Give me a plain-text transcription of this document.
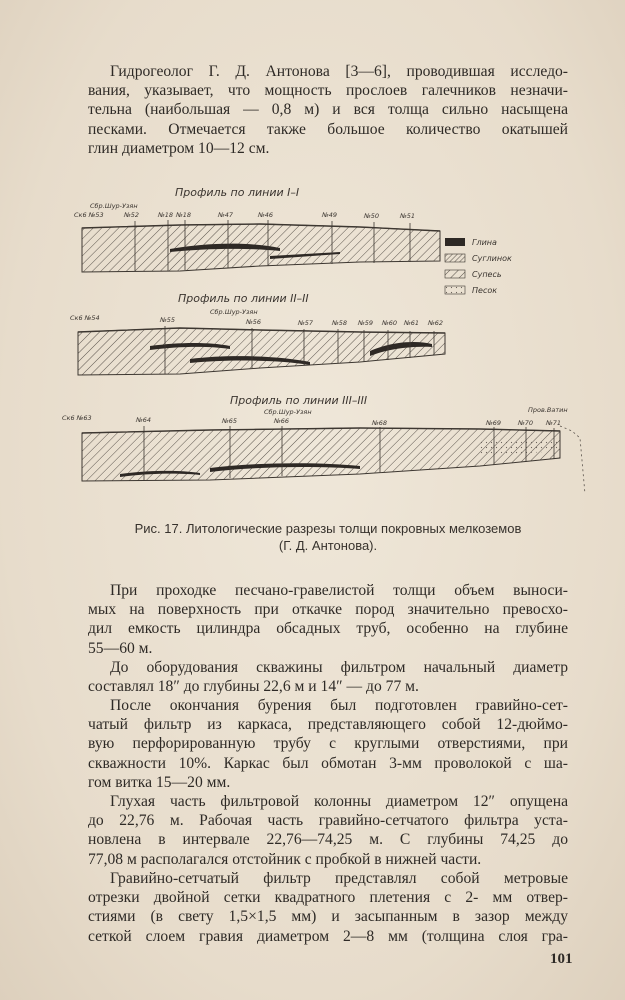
Гидрогеолог Г. Д. Антонова [3—6], проводившая исследо-
вания, указывает, что мощность прослоев галечников незначи-
тельна (наибольшая — 0,8 м) и вся толща сильно насыщена
песками. Отмечается также большое количество окатышей
глин диаметром 10—12 см.

Профиль по линии I–I
Сбр.Шур-Узян
Ск6 №53	№52	№18 №18	№47	№46	№49	№50	№51
Глина
Суглинок
Супесь
Песок
Профиль по линии II–II
Сбр.Шур-Узян
Ск6 №54	№55	№56	№57	№58 №59 №60 №61 №62
Профиль по линии III–III
Пров.Ватин
Сбр.Шур-Узян
Ск6 №63	№64	№65	№66	№68	№69	№70 №71
Рис. 17. Литологические разрезы толщи покровных мелкоземов
(Г. Д. Антонова).

При проходке песчано-гравелистой толщи объем выноси-
мых на поверхность при откачке пород значительно превосхо-
дил емкость цилиндра обсадных труб, особенно на глубине
55—60 м.

До оборудования скважины фильтром начальный диаметр
составлял 18″ до глубины 22,6 м и 14″ — до 77 м.

После окончания бурения был подготовлен гравийно-сет-
чатый фильтр из каркаса, представляющего собой 12-дюймо-
вую перфорированную трубу с круглыми отверстиями, при
скважности 10%. Каркас был обмотан 3-мм проволокой с ша-
гом витка 15—20 мм.

Глухая часть фильтровой колонны диаметром 12″ опущена
до 22,76 м. Рабочая часть гравийно-сетчатого фильтра уста-
новлена в интервале 22,76—74,25 м. С глубины 74,25 до
77,08 м располагался отстойник с пробкой в нижней части.

Гравийно-сетчатый фильтр представлял собой метровые
отрезки двойной сетки квадратного плетения с 2- мм отвер-
стиями (в свету 1,5×1,5 мм) и засыпанным в зазор между
сеткой слоем гравия диаметром 2—8 мм (толщина слоя гра-

101
